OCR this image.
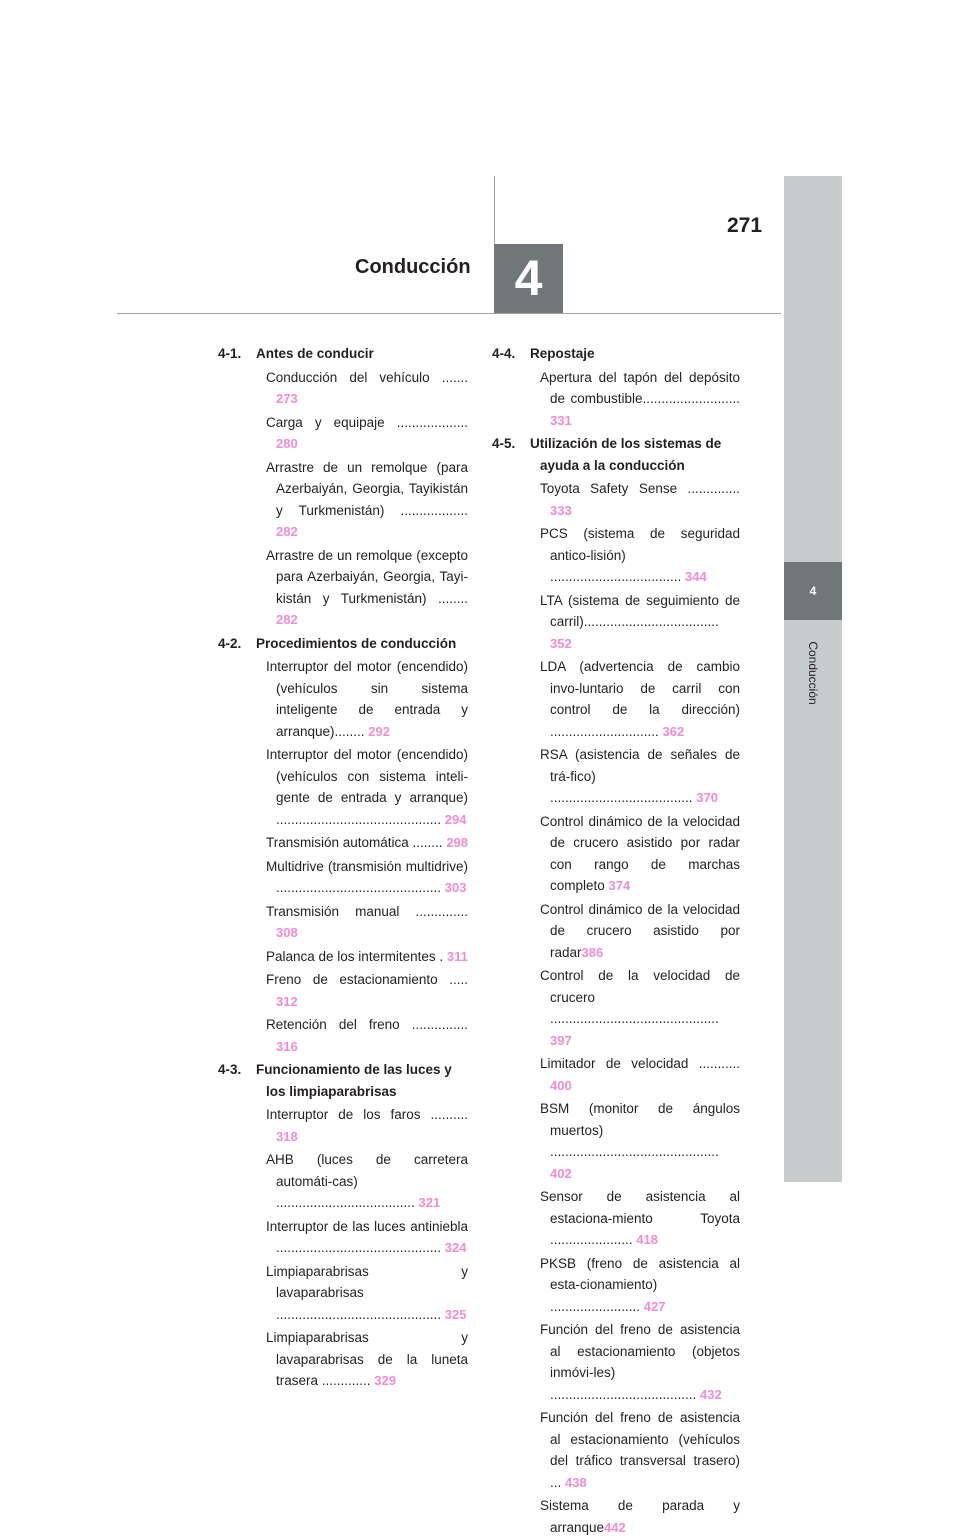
4
Conducción
271
4
Conducción
4-1.	Antes de conducir
Conducción del vehículo ....... 273
Carga y equipaje ................... 280
Arrastre de un remolque (para Azerbaiyán, Georgia, Tayikistán y Turkmenistán) .................. 282
Arrastre de un remolque (excepto para Azerbaiyán, Georgia, Tayi-kistán y Turkmenistán) ........ 282
4-2.	Procedimientos de conducción
Interruptor del motor (encendido) (vehículos sin sistema inteligente de entrada y arranque)........ 292
Interruptor del motor (encendido) (vehículos con sistema inteli-gente de entrada y arranque) ............................................ 294
Transmisión automática ........ 298
Multidrive (transmisión multidrive) ............................................ 303
Transmisión manual .............. 308
Palanca de los intermitentes . 311
Freno de estacionamiento ..... 312
Retención del freno ............... 316
4-3.	Funcionamiento de las luces y los limpiaparabrisas
Interruptor de los faros .......... 318
AHB (luces de carretera automáti-cas) ..................................... 321
Interruptor de las luces antiniebla ............................................ 324
Limpiaparabrisas y lavaparabrisas ............................................ 325
Limpiaparabrisas y lavaparabrisas de la luneta trasera ............. 329
4-4.	Repostaje
Apertura del tapón del depósito de combustible.......................... 331
4-5.	Utilización de los sistemas de ayuda a la conducción
Toyota Safety Sense .............. 333
PCS (sistema de seguridad antico-lisión) ................................... 344
LTA (sistema de seguimiento de carril).................................... 352
LDA (advertencia de cambio invo-luntario de carril con control de la dirección) ............................. 362
RSA (asistencia de señales de trá-fico) ...................................... 370
Control dinámico de la velocidad de crucero asistido por radar con rango de marchas completo 374
Control dinámico de la velocidad de crucero asistido por radar386
Control de la velocidad de crucero ............................................. 397
Limitador de velocidad ........... 400
BSM (monitor de ángulos muertos) ............................................. 402
Sensor de asistencia al estaciona-miento Toyota ...................... 418
PKSB (freno de asistencia al esta-cionamiento) ........................ 427
Función del freno de asistencia al estacionamiento (objetos inmóvi-les) ....................................... 432
Función del freno de asistencia al estacionamiento (vehículos del tráfico transversal trasero) ... 438
Sistema de parada y arranque442
